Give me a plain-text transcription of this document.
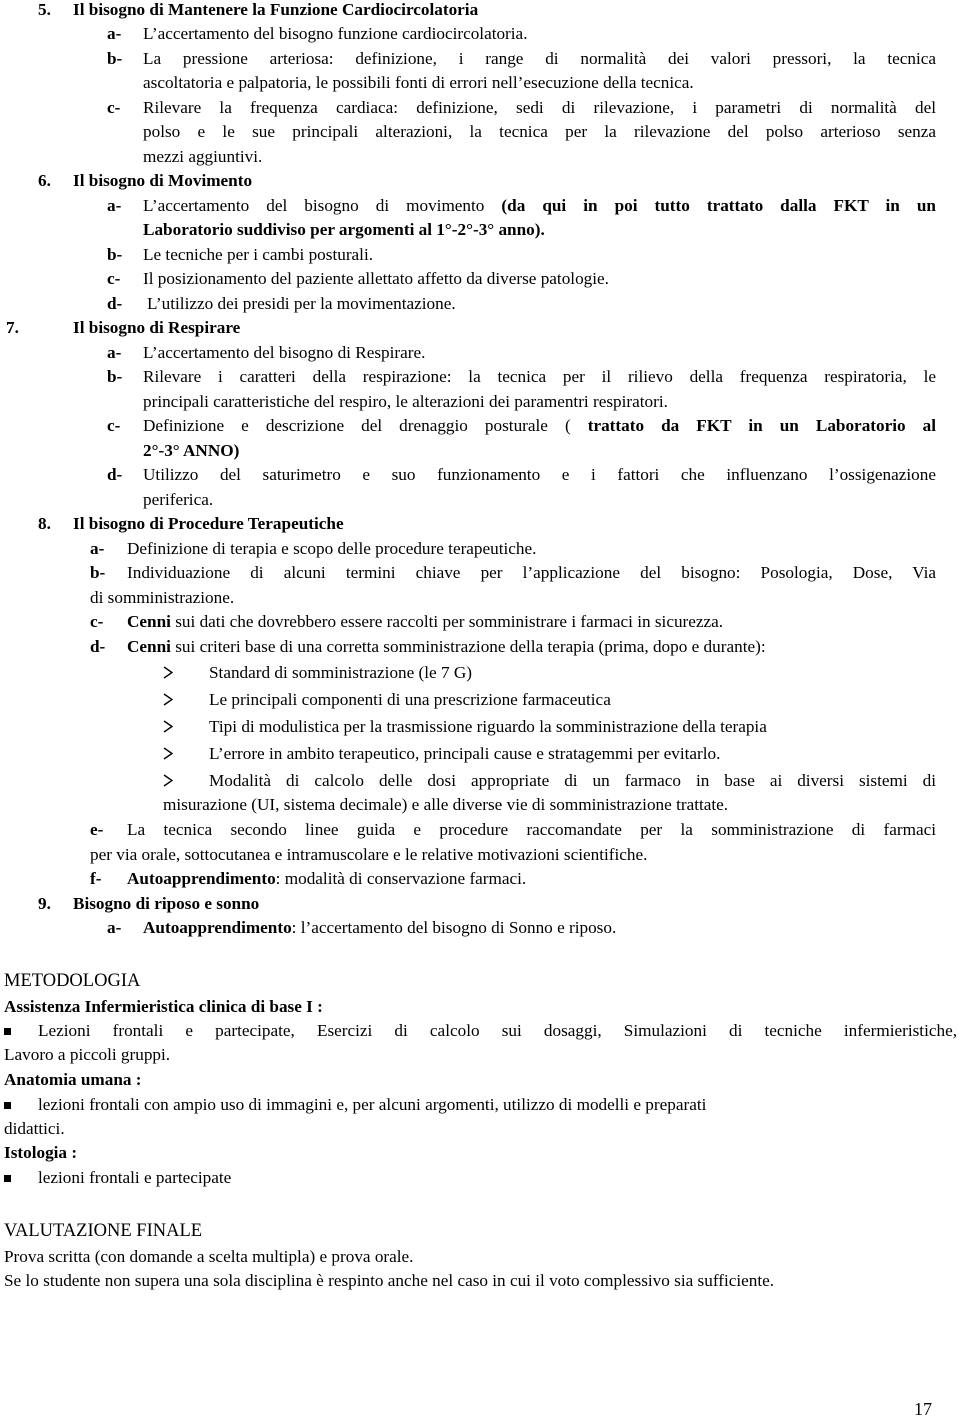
5. Il bisogno di Mantenere la Funzione Cardiocircolatoria
a- L’accertamento del bisogno funzione cardiocircolatoria.
b- La pressione arteriosa: definizione, i range di normalità dei valori pressori, la tecnica
ascoltatoria e palpatoria, le possibili fonti di errori nell’esecuzione della tecnica.
c- Rilevare la frequenza cardiaca: definizione, sedi di rilevazione, i parametri di normalità del
polso e le sue principali alterazioni, la tecnica per la rilevazione del polso arterioso senza
mezzi aggiuntivi.
6. Il bisogno di Movimento
a- L’accertamento del bisogno di movimento (da qui in poi tutto trattato dalla FKT in un
Laboratorio suddiviso per argomenti al 1°-2°-3° anno).
b- Le tecniche per i cambi posturali.
c- Il posizionamento del paziente allettato affetto da diverse patologie.
d- L’utilizzo dei presidi per la movimentazione.
7.	Il bisogno di Respirare
a- L’accertamento del bisogno di Respirare.
b- Rilevare i caratteri della respirazione: la tecnica per il rilievo della frequenza respiratoria, le
principali caratteristiche del respiro, le alterazioni dei paramentri respiratori.
c- Definizione e descrizione del drenaggio posturale ( trattato da FKT in un Laboratorio al
2°-3° ANNO)
d- Utilizzo del saturimetro e suo funzionamento e i fattori che influenzano l’ossigenazione
periferica.
8. Il bisogno di Procedure Terapeutiche
a- Definizione di terapia e scopo delle procedure terapeutiche.
b- Individuazione di alcuni termini chiave per l’applicazione del bisogno: Posologia, Dose, Via
di somministrazione.
c- Cenni sui dati che dovrebbero essere raccolti per somministrare i farmaci in sicurezza.
d- Cenni sui criteri base di una corretta somministrazione della terapia (prima, dopo e durante):
Standard di somministrazione (le 7 G)
Le principali componenti di una prescrizione farmaceutica
Tipi di modulistica per la trasmissione riguardo la somministrazione della terapia
L’errore in ambito terapeutico, principali cause e stratagemmi per evitarlo.
Modalità di calcolo delle dosi appropriate di un farmaco in base ai diversi sistemi di
misurazione (UI, sistema decimale) e alle diverse vie di somministrazione trattate.
e- La tecnica secondo linee guida e procedure raccomandate per la somministrazione di farmaci
per via orale, sottocutanea e intramuscolare e le relative motivazioni scientifiche.
f- Autoapprendimento: modalità di conservazione farmaci.
9. Bisogno di riposo e sonno
a- Autoapprendimento: l’accertamento del bisogno di Sonno e riposo.
METODOLOGIA
Assistenza Infermieristica clinica di base I :
Lezioni frontali e partecipate, Esercizi di calcolo sui dosaggi, Simulazioni di tecniche infermieristiche,
Lavoro a piccoli gruppi.
Anatomia umana :
lezioni frontali con ampio uso di immagini e, per alcuni argomenti, utilizzo di modelli e preparati
didattici.
Istologia :
lezioni frontali e partecipate
VALUTAZIONE FINALE
Prova scritta (con domande a scelta multipla) e prova orale.
Se lo studente non supera una sola disciplina è respinto anche nel caso in cui il voto complessivo sia sufficiente.
17
